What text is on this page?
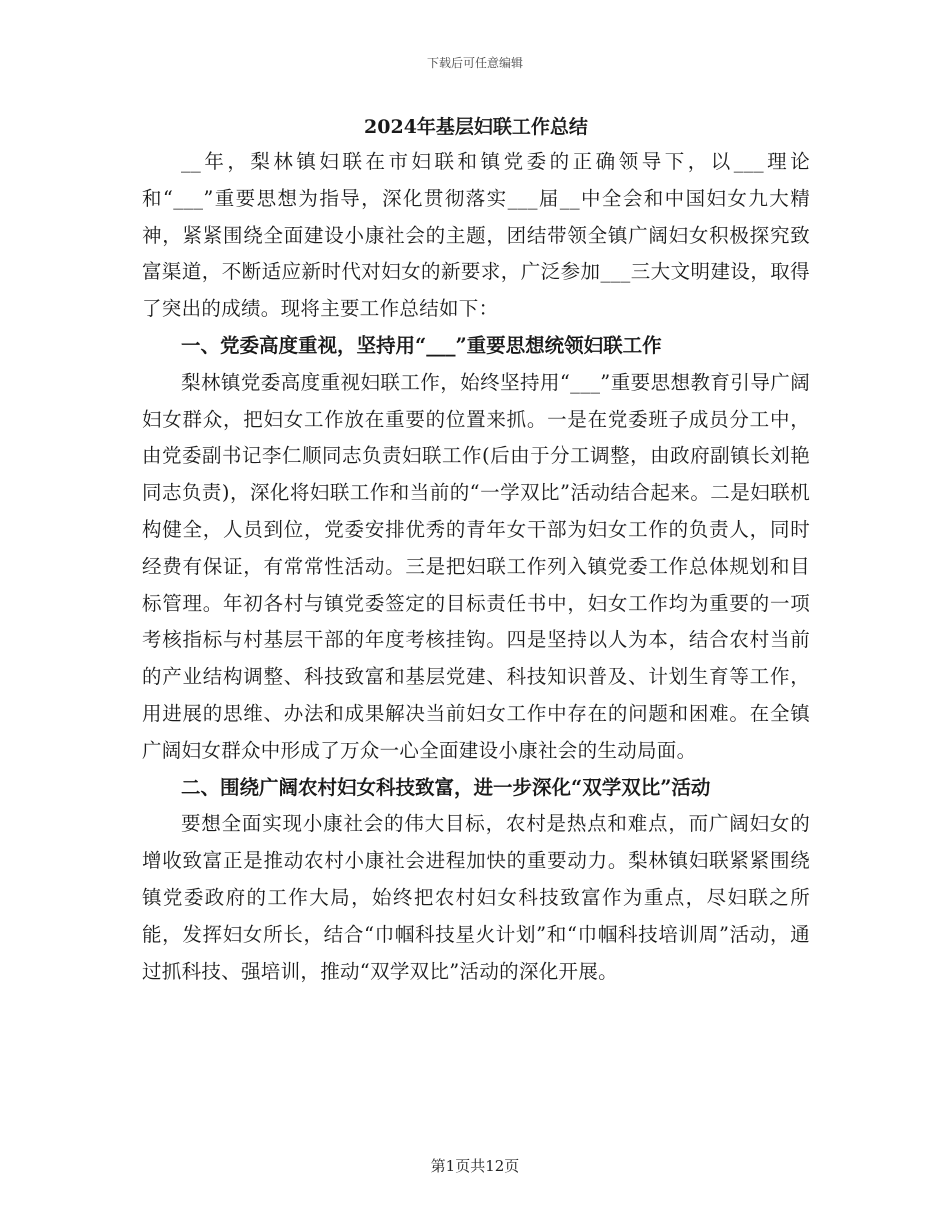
下载后可任意编辑
2024年基层妇联工作总结

__年，梨林镇妇联在市妇联和镇党委的正确领导下，以___理论和“___”重要思想为指导，深化贯彻落实___届__中全会和中国妇女九大精神，紧紧围绕全面建设小康社会的主题，团结带领全镇广阔妇女积极探究致富渠道，不断适应新时代对妇女的新要求，广泛参加___三大文明建设，取得了突出的成绩。现将主要工作总结如下：

一、党委高度重视，坚持用“___”重要思想统领妇联工作

梨林镇党委高度重视妇联工作，始终坚持用“___”重要思想教育引导广阔妇女群众，把妇女工作放在重要的位置来抓。一是在党委班子成员分工中，由党委副书记李仁顺同志负责妇联工作(后由于分工调整，由政府副镇长刘艳同志负责)，深化将妇联工作和当前的“一学双比”活动结合起来。二是妇联机构健全，人员到位，党委安排优秀的青年女干部为妇女工作的负责人，同时经费有保证，有常常性活动。三是把妇联工作列入镇党委工作总体规划和目标管理。年初各村与镇党委签定的目标责任书中，妇女工作均为重要的一项考核指标与村基层干部的年度考核挂钩。四是坚持以人为本，结合农村当前的产业结构调整、科技致富和基层党建、科技知识普及、计划生育等工作，用进展的思维、办法和成果解决当前妇女工作中存在的问题和困难。在全镇广阔妇女群众中形成了万众一心全面建设小康社会的生动局面。

二、围绕广阔农村妇女科技致富，进一步深化“双学双比”活动

要想全面实现小康社会的伟大目标，农村是热点和难点，而广阔妇女的增收致富正是推动农村小康社会进程加快的重要动力。梨林镇妇联紧紧围绕镇党委政府的工作大局，始终把农村妇女科技致富作为重点，尽妇联之所能，发挥妇女所长，结合“巾帼科技星火计划”和“巾帼科技培训周”活动，通过抓科技、强培训，推动“双学双比”活动的深化开展。

第1页共12页
